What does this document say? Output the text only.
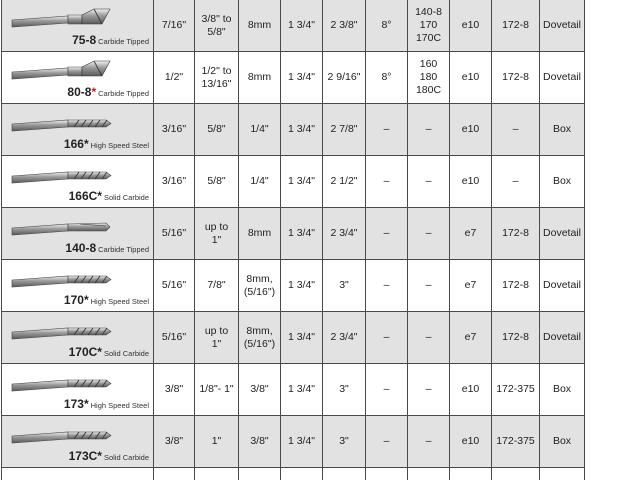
75-8 Carbide Tipped	7/16"	3/8" to
5/8"	8mm	1 3/4"	2 3/8"	8°	140-8
170
170C	e10	172-8	Dovetail

80-8* Carbide Tipped	1/2"	1/2" to
13/16"	8mm	1 3/4"	2 9/16"	8°	160
180
180C	e10	172-8	Dovetail

166* High Speed Steel	3/16"	5/8"	1/4"	1 3/4"	2 7/8"	–	–	e10	–	Box

166C* Solid Carbide	3/16"	5/8"	1/4"	1 3/4"	2 1/2"	–	–	e10	–	Box

140-8 Carbide Tipped	5/16"	up to
1"	8mm	1 3/4"	2 3/4"	–	–	e7	172-8	Dovetail

170* High Speed Steel	5/16"	7/8"	8mm,
(5/16")	1 3/4"	3"	–	–	e7	172-8	Dovetail

170C* Solid Carbide	5/16"	up to
1"	8mm,
(5/16")	1 3/4"	2 3/4"	–	–	e7	172-8	Dovetail

173* High Speed Steel	3/8"	1/8"- 1"	3/8"	1 3/4"	3"	–	–	e10	172-375	Box

173C* Solid Carbide	3/8"	1"	3/8"	1 3/4"	3"	–	–	e10	172-375	Box
